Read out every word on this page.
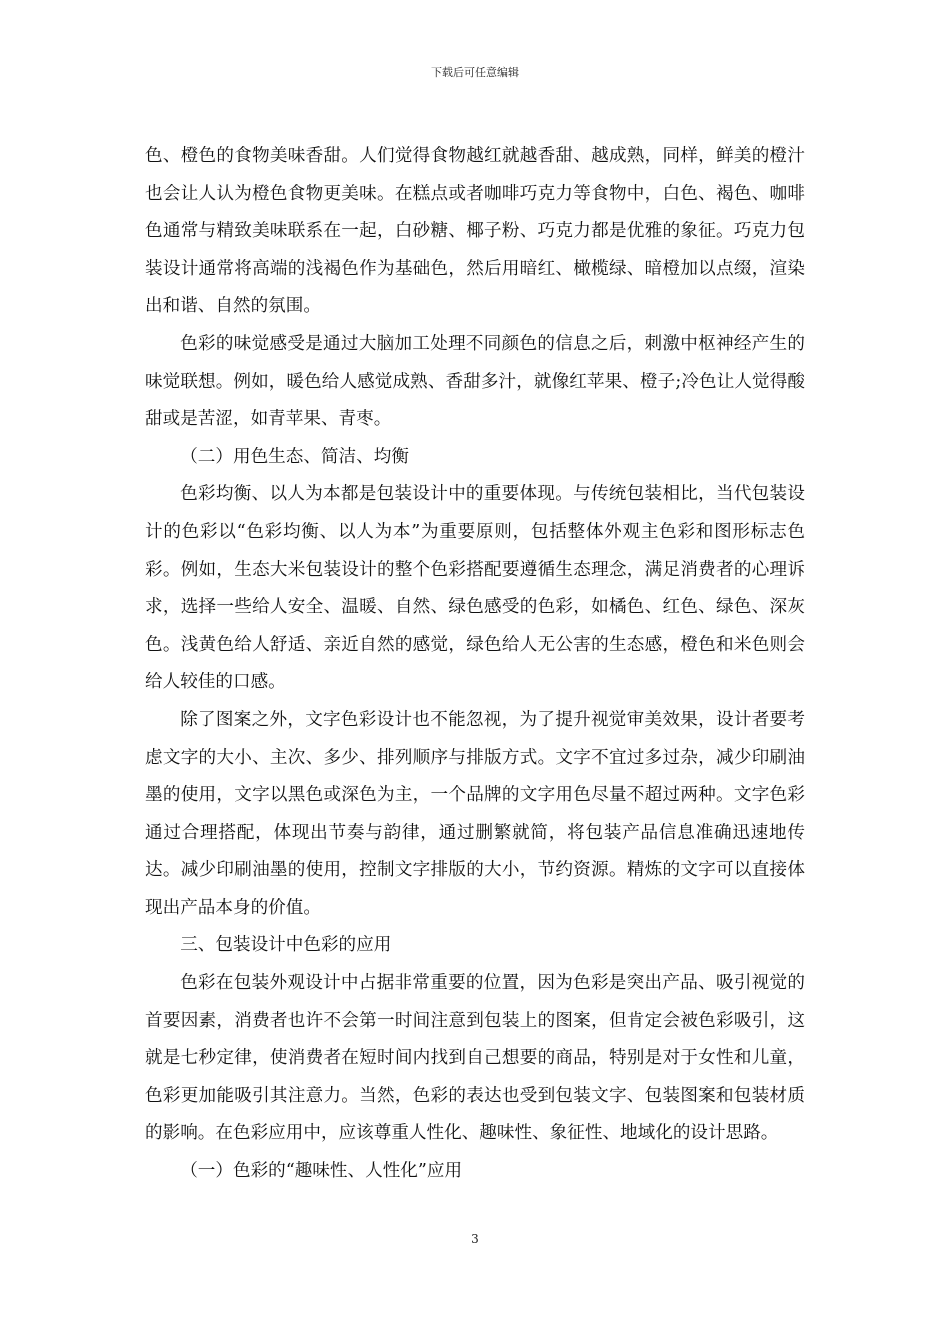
下载后可任意编辑

色、橙色的食物美味香甜。人们觉得食物越红就越香甜、越成熟，同样，鲜美的橙汁也会让人认为橙色食物更美味。在糕点或者咖啡巧克力等食物中，白色、褐色、咖啡色通常与精致美味联系在一起，白砂糖、椰子粉、巧克力都是优雅的象征。巧克力包装设计通常将高端的浅褐色作为基础色，然后用暗红、橄榄绿、暗橙加以点缀，渲染出和谐、自然的氛围。

色彩的味觉感受是通过大脑加工处理不同颜色的信息之后，刺激中枢神经产生的味觉联想。例如，暖色给人感觉成熟、香甜多汁，就像红苹果、橙子;冷色让人觉得酸甜或是苦涩，如青苹果、青枣。

（二）用色生态、简洁、均衡

色彩均衡、以人为本都是包装设计中的重要体现。与传统包装相比，当代包装设计的色彩以“色彩均衡、以人为本”为重要原则，包括整体外观主色彩和图形标志色彩。例如，生态大米包装设计的整个色彩搭配要遵循生态理念，满足消费者的心理诉求，选择一些给人安全、温暖、自然、绿色感受的色彩，如橘色、红色、绿色、深灰色。浅黄色给人舒适、亲近自然的感觉，绿色给人无公害的生态感，橙色和米色则会给人较佳的口感。

除了图案之外，文字色彩设计也不能忽视，为了提升视觉审美效果，设计者要考虑文字的大小、主次、多少、排列顺序与排版方式。文字不宜过多过杂，减少印刷油墨的使用，文字以黑色或深色为主，一个品牌的文字用色尽量不超过两种。文字色彩通过合理搭配，体现出节奏与韵律，通过删繁就简，将包装产品信息准确迅速地传达。减少印刷油墨的使用，控制文字排版的大小，节约资源。精炼的文字可以直接体现出产品本身的价值。

三、包装设计中色彩的应用

色彩在包装外观设计中占据非常重要的位置，因为色彩是突出产品、吸引视觉的首要因素，消费者也许不会第一时间注意到包装上的图案，但肯定会被色彩吸引，这就是七秒定律，使消费者在短时间内找到自己想要的商品，特别是对于女性和儿童，色彩更加能吸引其注意力。当然，色彩的表达也受到包装文字、包装图案和包装材质的影响。在色彩应用中，应该尊重人性化、趣味性、象征性、地域化的设计思路。

（一）色彩的“趣味性、人性化”应用

3
